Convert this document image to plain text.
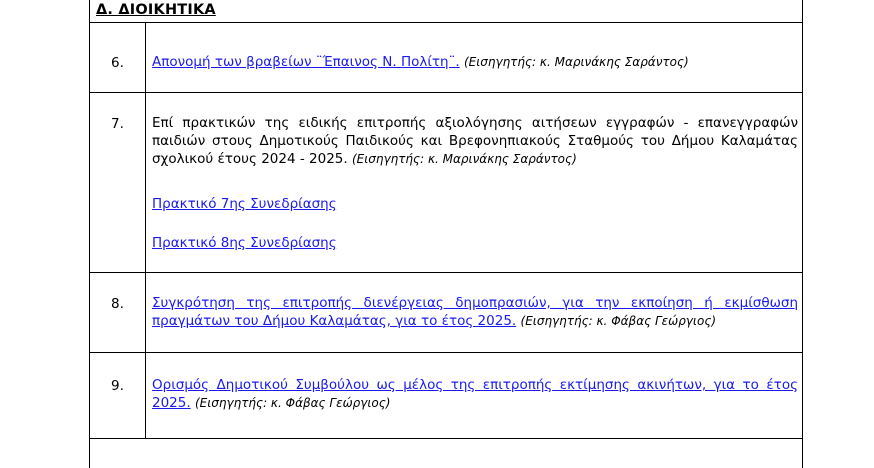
Δ. ΔΙΟΙΚΗΤΙΚΑ
6.	Απονομή των βραβείων ¨Έπαινος Ν. Πολίτη¨. (Εισηγητής: κ. Μαρινάκης Σαράντος)
7.	Επί πρακτικών της ειδικής επιτροπής αξιολόγησης αιτήσεων εγγραφών - επανεγγραφών παιδιών στους Δημοτικούς Παιδικούς και Βρεφονηπιακούς Σταθμούς του Δήμου Καλαμάτας σχολικού έτους 2024 - 2025. (Εισηγητής: κ. Μαρινάκης Σαράντος)
Πρακτικό 7ης Συνεδρίασης
Πρακτικό 8ης Συνεδρίασης
8.	Συγκρότηση της επιτροπής διενέργειας δημοπρασιών, για την εκποίηση ή εκμίσθωση πραγμάτων του Δήμου Καλαμάτας, για το έτος 2025. (Εισηγητής: κ. Φάβας Γεώργιος)
9.	Ορισμός Δημοτικού Συμβούλου ως μέλος της επιτροπής εκτίμησης ακινήτων, για το έτος 2025. (Εισηγητής: κ. Φάβας Γεώργιος)
